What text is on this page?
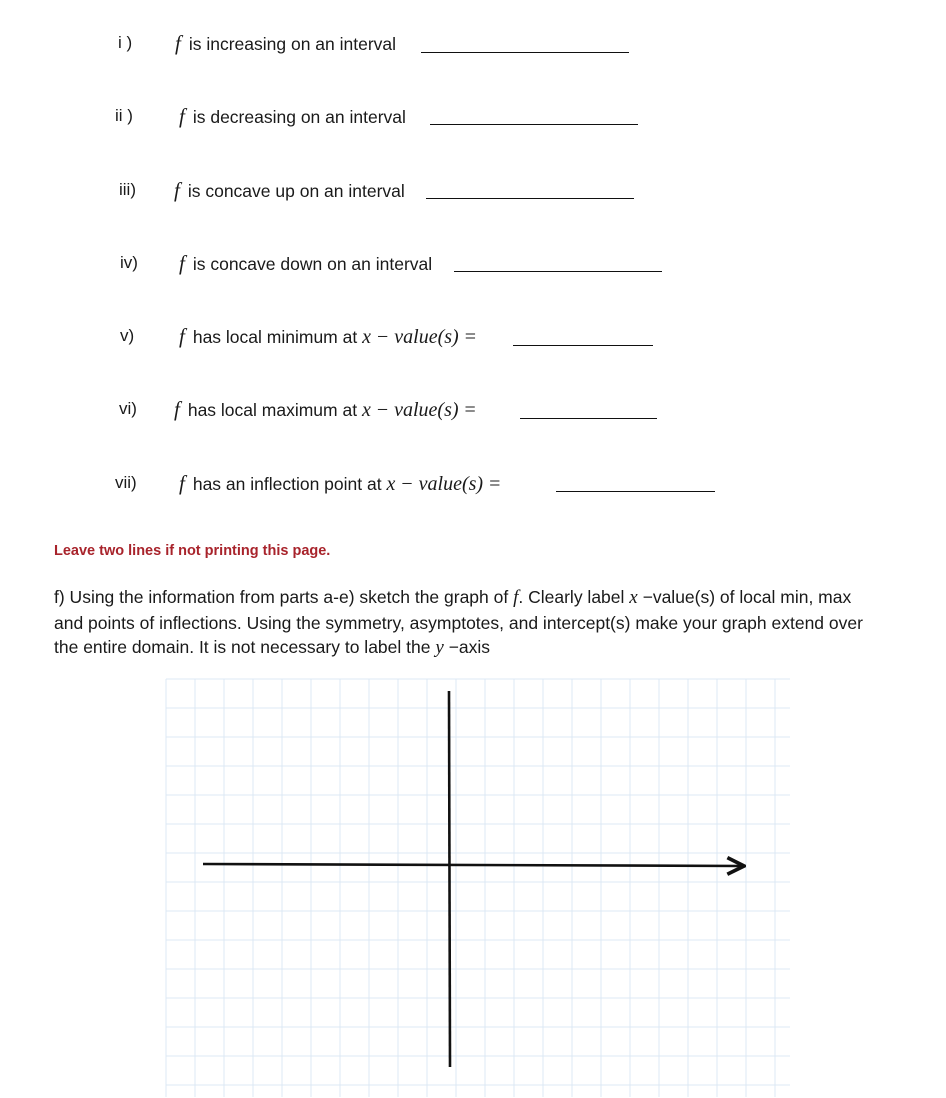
i ) f is increasing on an interval
ii ) f is decreasing on an interval
iii) f is concave up on an interval
iv) f is concave down on an interval
v) f has local minimum at x − value(s) =
vi) f has local maximum at x − value(s) =
vii) f has an inflection point at x − value(s) =
Leave two lines if not printing this page.
f) Using the information from parts a-e) sketch the graph of f. Clearly label x −value(s) of local min, max and points of inflections. Using the symmetry, asymptotes, and intercept(s) make your graph extend over the entire domain. It is not necessary to label the y −axis
